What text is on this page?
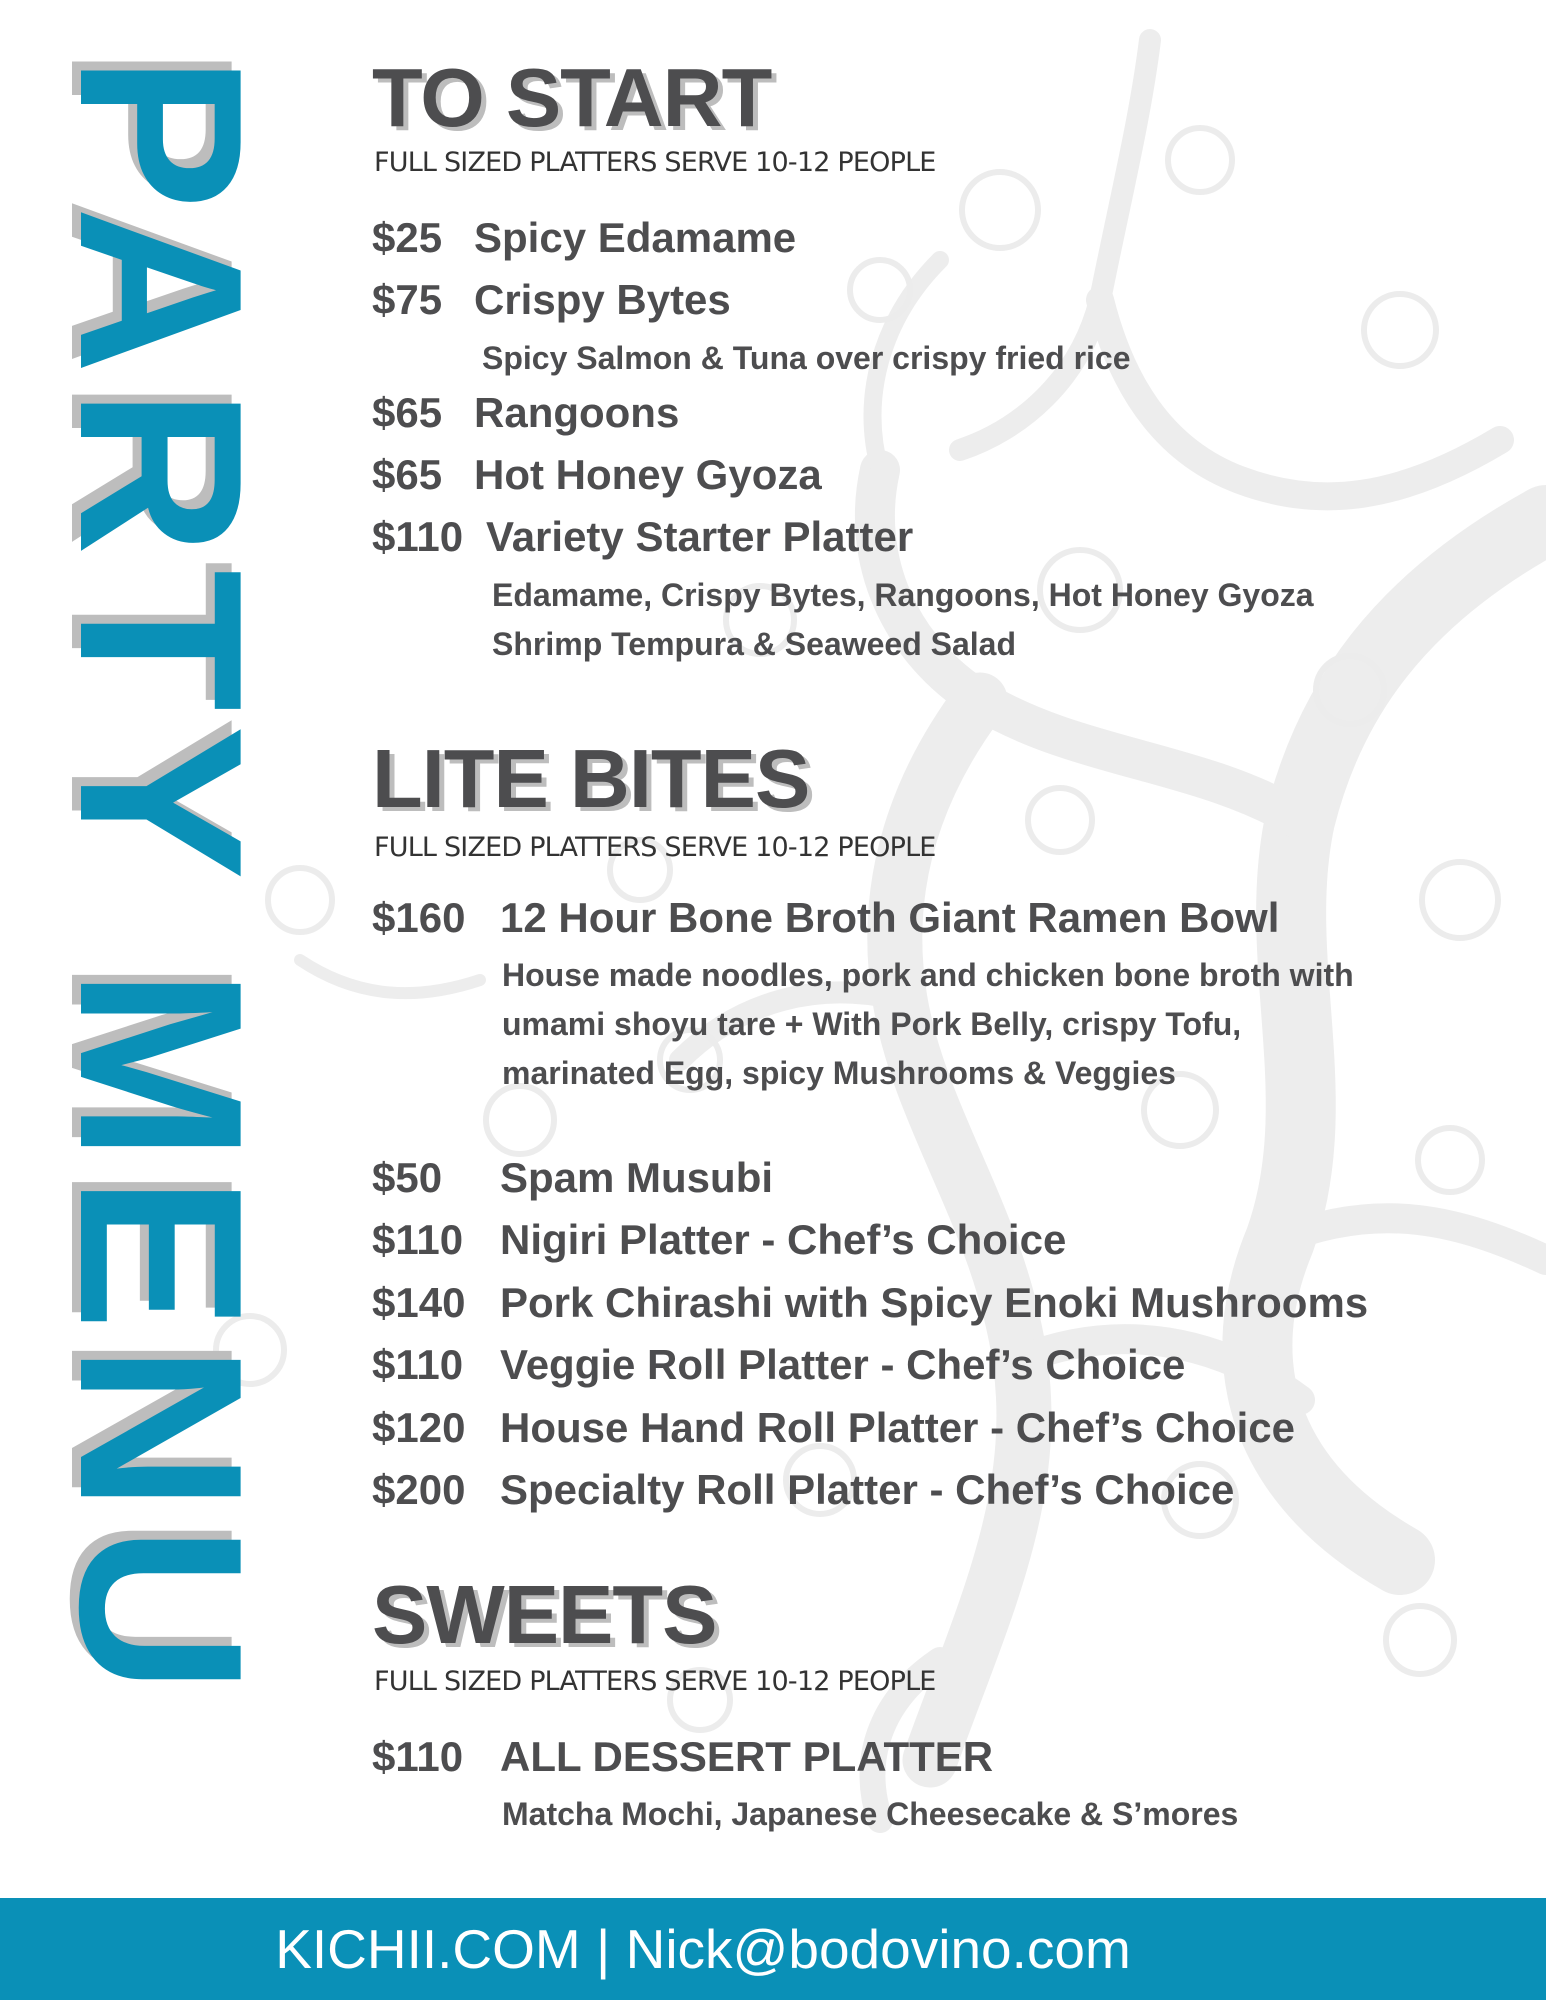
PARTY MENU TO START
FULL SIZED PLATTERS SERVE 10-12 PEOPLE
$25 Spicy Edamame
$75 Crispy Bytes
Spicy Salmon & Tuna over crispy fried rice
$65 Rangoons
$65 Hot Honey Gyoza
$110 Variety Starter Platter
Edamame, Crispy Bytes, Rangoons, Hot Honey Gyoza
Shrimp Tempura & Seaweed Salad
LITE BITES
FULL SIZED PLATTERS SERVE 10-12 PEOPLE
$160 12 Hour Bone Broth Giant Ramen Bowl
House made noodles, pork and chicken bone broth with
umami shoyu tare + With Pork Belly, crispy Tofu,
marinated Egg, spicy Mushrooms & Veggies
$50 Spam Musubi
$110 Nigiri Platter - Chef’s Choice
$140 Pork Chirashi with Spicy Enoki Mushrooms
$110 Veggie Roll Platter - Chef’s Choice
$120 House Hand Roll Platter - Chef’s Choice
$200 Specialty Roll Platter - Chef’s Choice
SWEETS
FULL SIZED PLATTERS SERVE 10-12 PEOPLE
$110 ALL DESSERT PLATTER
Matcha Mochi, Japanese Cheesecake & S’mores
KICHII.COM | Nick@bodovino.com
